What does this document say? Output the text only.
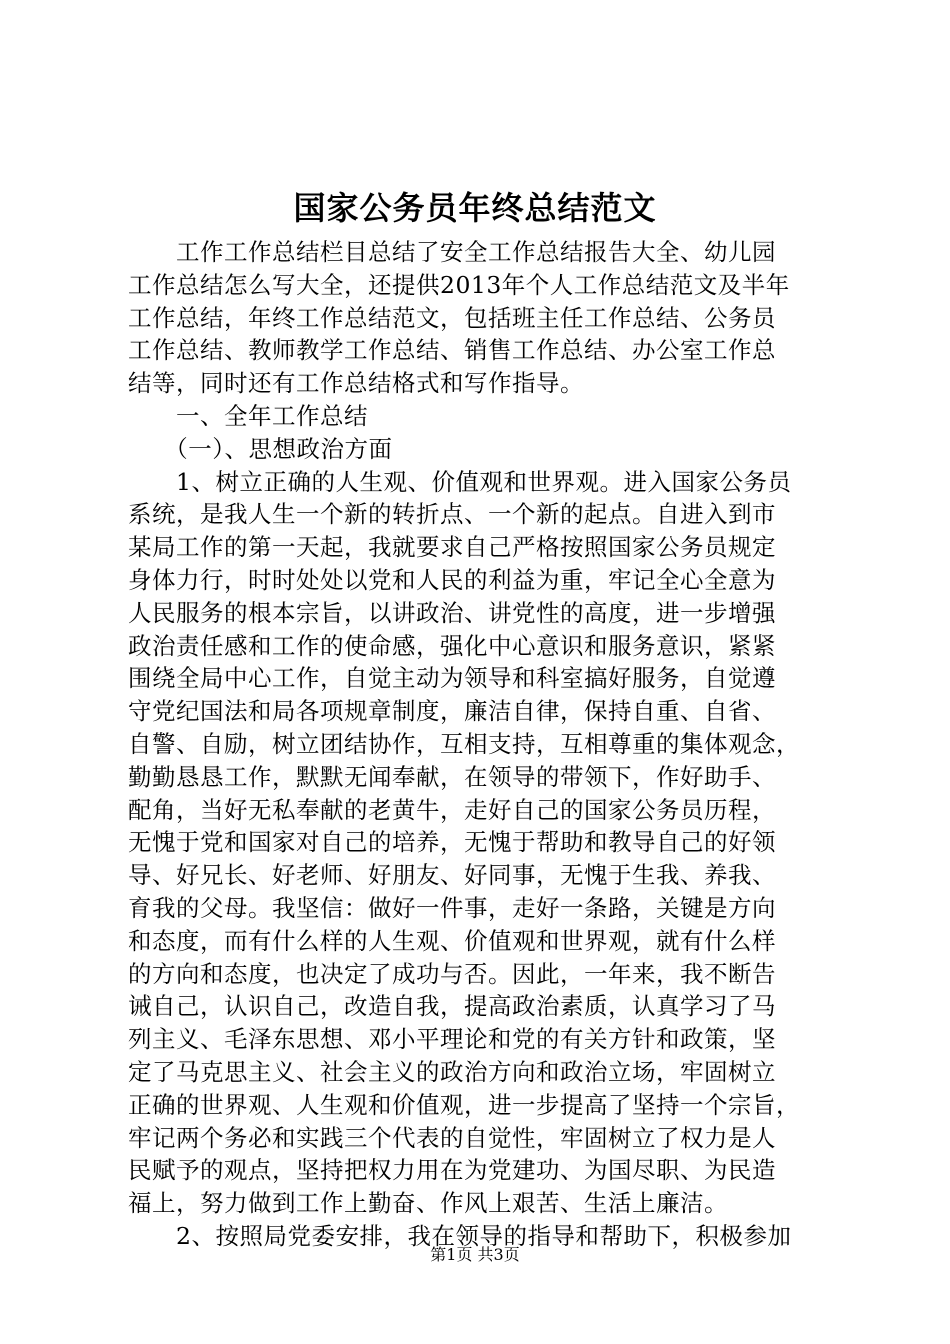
国家公务员年终总结范文
　　工作工作总结栏目总结了安全工作总结报告大全、幼儿园
工作总结怎么写大全，还提供2013年个人工作总结范文及半年
工作总结，年终工作总结范文，包括班主任工作总结、公务员
工作总结、教师教学工作总结、销售工作总结、办公室工作总
结等，同时还有工作总结格式和写作指导。
　　一、全年工作总结
　　（一）、思想政治方面
　　1、树立正确的人生观、价值观和世界观。进入国家公务员
系统，是我人生一个新的转折点、一个新的起点。自进入到市
某局工作的第一天起，我就要求自己严格按照国家公务员规定
身体力行，时时处处以党和人民的利益为重，牢记全心全意为
人民服务的根本宗旨，以讲政治、讲党性的高度，进一步增强
政治责任感和工作的使命感，强化中心意识和服务意识，紧紧
围绕全局中心工作，自觉主动为领导和科室搞好服务，自觉遵
守党纪国法和局各项规章制度，廉洁自律，保持自重、自省、
自警、自励，树立团结协作，互相支持，互相尊重的集体观念，
勤勤恳恳工作，默默无闻奉献，在领导的带领下，作好助手、
配角，当好无私奉献的老黄牛，走好自己的国家公务员历程，
无愧于党和国家对自己的培养，无愧于帮助和教导自己的好领
导、好兄长、好老师、好朋友、好同事，无愧于生我、养我、
育我的父母。我坚信：做好一件事，走好一条路，关键是方向
和态度，而有什么样的人生观、价值观和世界观，就有什么样
的方向和态度，也决定了成功与否。因此，一年来，我不断告
诫自己，认识自己，改造自我，提高政治素质，认真学习了马
列主义、毛泽东思想、邓小平理论和党的有关方针和政策，坚
定了马克思主义、社会主义的政治方向和政治立场，牢固树立
正确的世界观、人生观和价值观，进一步提高了坚持一个宗旨，
牢记两个务必和实践三个代表的自觉性，牢固树立了权力是人
民赋予的观点，坚持把权力用在为党建功、为国尽职、为民造
福上，努力做到工作上勤奋、作风上艰苦、生活上廉洁。
　　2、按照局党委安排，我在领导的指导和帮助下，积极参加
第1页 共3页
